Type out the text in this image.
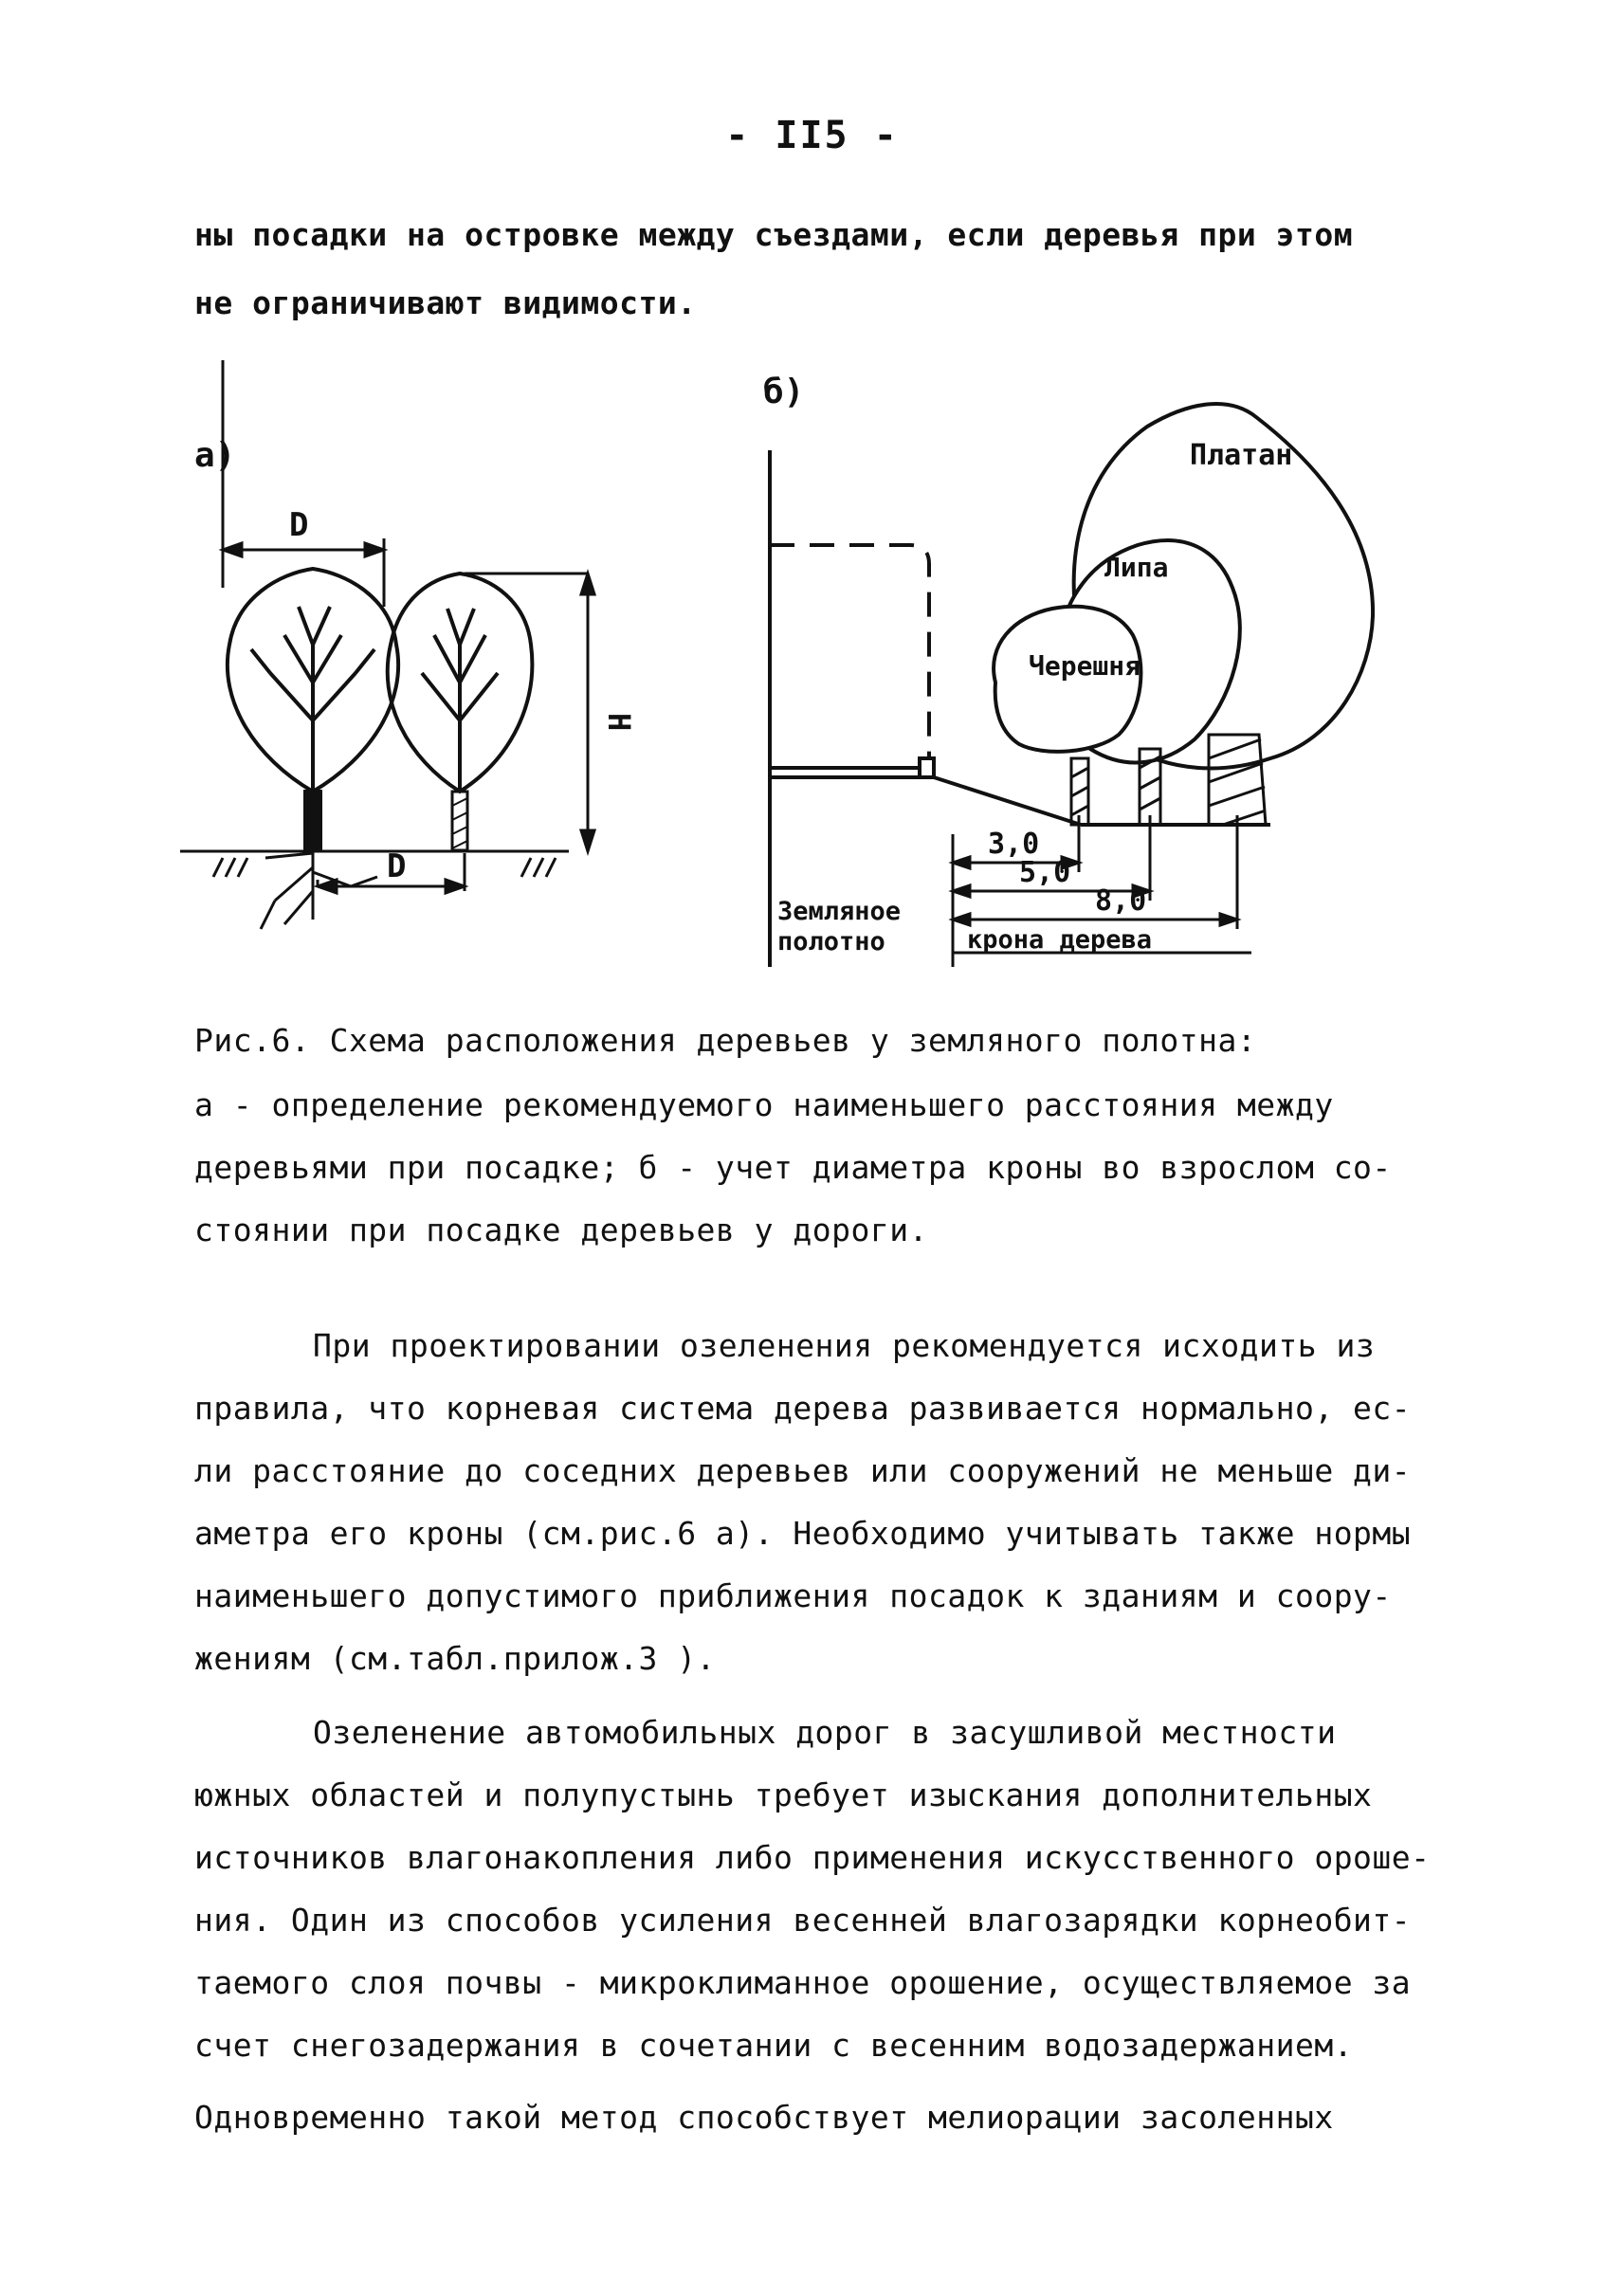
- II5 -
ны посадки на островке между съездами, если деревья при этом
не ограничивают видимости.
а)
D
H
D
б)
Платан
Липа
Черешня
3,0
5,0
8,0
Земляное
полотно	крона дерева
Рис.6. Схема расположения деревьев у земляного полотна:
а - определение рекомендуемого наименьшего расстояния между
деревьями при посадке; б - учет диаметра кроны во взрослом со-
стоянии при посадке деревьев у дороги.
При проектировании озеленения рекомендуется исходить из
правила, что корневая система дерева развивается нормально, ес-
ли расстояние до соседних деревьев или сооружений не меньше ди-
аметра его кроны (см.рис.6 а). Необходимо учитывать также нормы
наименьшего допустимого приближения посадок к зданиям и соору-
жениям (см.табл.прилож.3 ).
Озеленение автомобильных дорог в засушливой местности
южных областей и полупустынь требует изыскания дополнительных
источников влагонакопления либо применения искусственного ороше-
ния. Один из способов усиления весенней влагозарядки корнеобит-
таемого слоя почвы - микроклиманное орошение, осуществляемое за
счет снегозадержания в сочетании с весенним водозадержанием.
Одновременно такой метод способствует мелиорации засоленных
